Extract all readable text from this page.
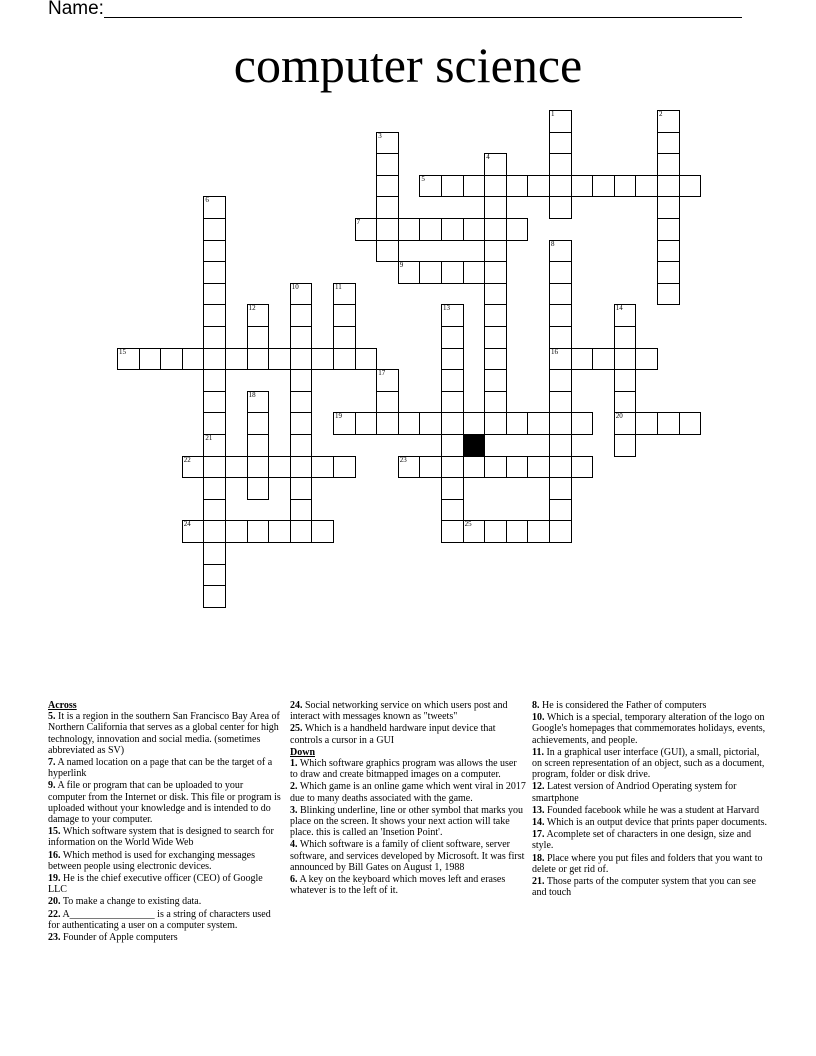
Name:
computer science
1	2
3
4
5
6
21
7
8
16
9
10	11
12	13	14
20
15
17
18
19
22	23
24	25
Across
5. It is a region in the southern San Francisco Bay Area of Northern California that serves as a global center for high technology, innovation and social media. (sometimes abbreviated as SV)
7. A named location on a page that can be the target of a hyperlink
9. A file or program that can be uploaded to your computer from the Internet or disk. This file or program is uploaded without your knowledge and is intended to do damage to your computer.
15. Which software system that is designed to search for information on the World Wide Web
16. Which method is used for exchanging messages between people using electronic devices.
19. He is the chief executive officer (CEO) of Google LLC
20. To make a change to existing data.
22. A_________________ is a string of characters used for authenticating a user on a computer system.
23. Founder of Apple computers
24. Social networking service on which users post and interact with messages known as "tweets"
25. Which is a handheld hardware input device that controls a cursor in a GUI
Down
1. Which software graphics program was allows the user to draw and create bitmapped images on a computer.
2. Which game is an online game which went viral in 2017 due to many deaths associated with the game.
3. Blinking underline, line or other symbol that marks you place on the screen. It shows your next action will take place. this is called an 'Insetion Point'.
4. Which software is a family of client software, server software, and services developed by Microsoft. It was first announced by Bill Gates on August 1, 1988
6. A key on the keyboard which moves left and erases whatever is to the left of it.
8. He is considered the Father of computers
10. Which is a special, temporary alteration of the logo on Google's homepages that commemorates holidays, events, achievements, and people.
11. In a graphical user interface (GUI), a small, pictorial, on screen representation of an object, such as a document, program, folder or disk drive.
12. Latest version of Andriod Operating system for smartphone
13. Founded facebook while he was a student at Harvard
14. Which is an output device that prints paper documents.
17. Acomplete set of characters in one design, size and style.
18. Place where you put files and folders that you want to delete or get rid of.
21. Those parts of the computer system that you can see and touch
